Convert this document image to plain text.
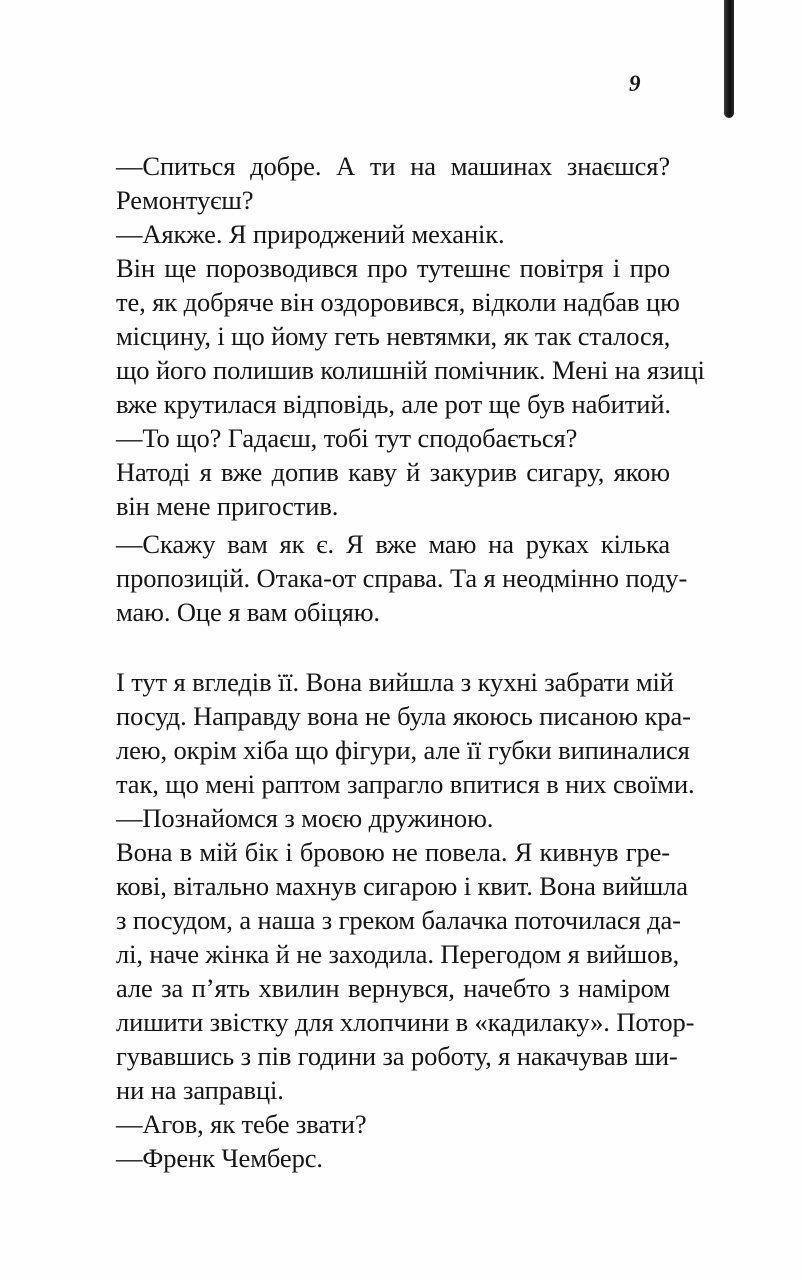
9
—Спиться добре. А ти на машинах знаєшся?
Ремонтуєш?
—Аякже. Я природжений механік.
Він ще порозводився про тутешнє повітря і про
те, як добряче він оздоровився, відколи надбав цю
місцину, і що йому геть невтямки, як так сталося,
що його полишив колишній помічник. Мені на язиці
вже крутилася відповідь, але рот ще був набитий.
—То що? Гадаєш, тобі тут сподобається?
Натоді я вже допив каву й закурив сигару, якою
він мене пригостив.
—Скажу вам як є. Я вже маю на руках кілька
пропозицій. Отака-от справа. Та я неодмінно поду-
маю. Оце я вам обіцяю.
І тут я вгледів її. Вона вийшла з кухні забрати мій
посуд. Направду вона не була якоюсь писаною кра-
лею, окрім хіба що фігури, але її губки випиналися
так, що мені раптом запрагло впитися в них своїми.
—Познайомся з моєю дружиною.
Вона в мій бік і бровою не повела. Я кивнув гре-
кові, вітально махнув сигарою і квит. Вона вийшла
з посудом, а наша з греком балачка поточилася да-
лі, наче жінка й не заходила. Перегодом я вийшов,
але за п’ять хвилин вернувся, начебто з наміром
лишити звістку для хлопчини в «кадилаку». Потор-
гувавшись з пів години за роботу, я накачував ши-
ни на заправці.
—Агов, як тебе звати?
—Френк Чемберс.
